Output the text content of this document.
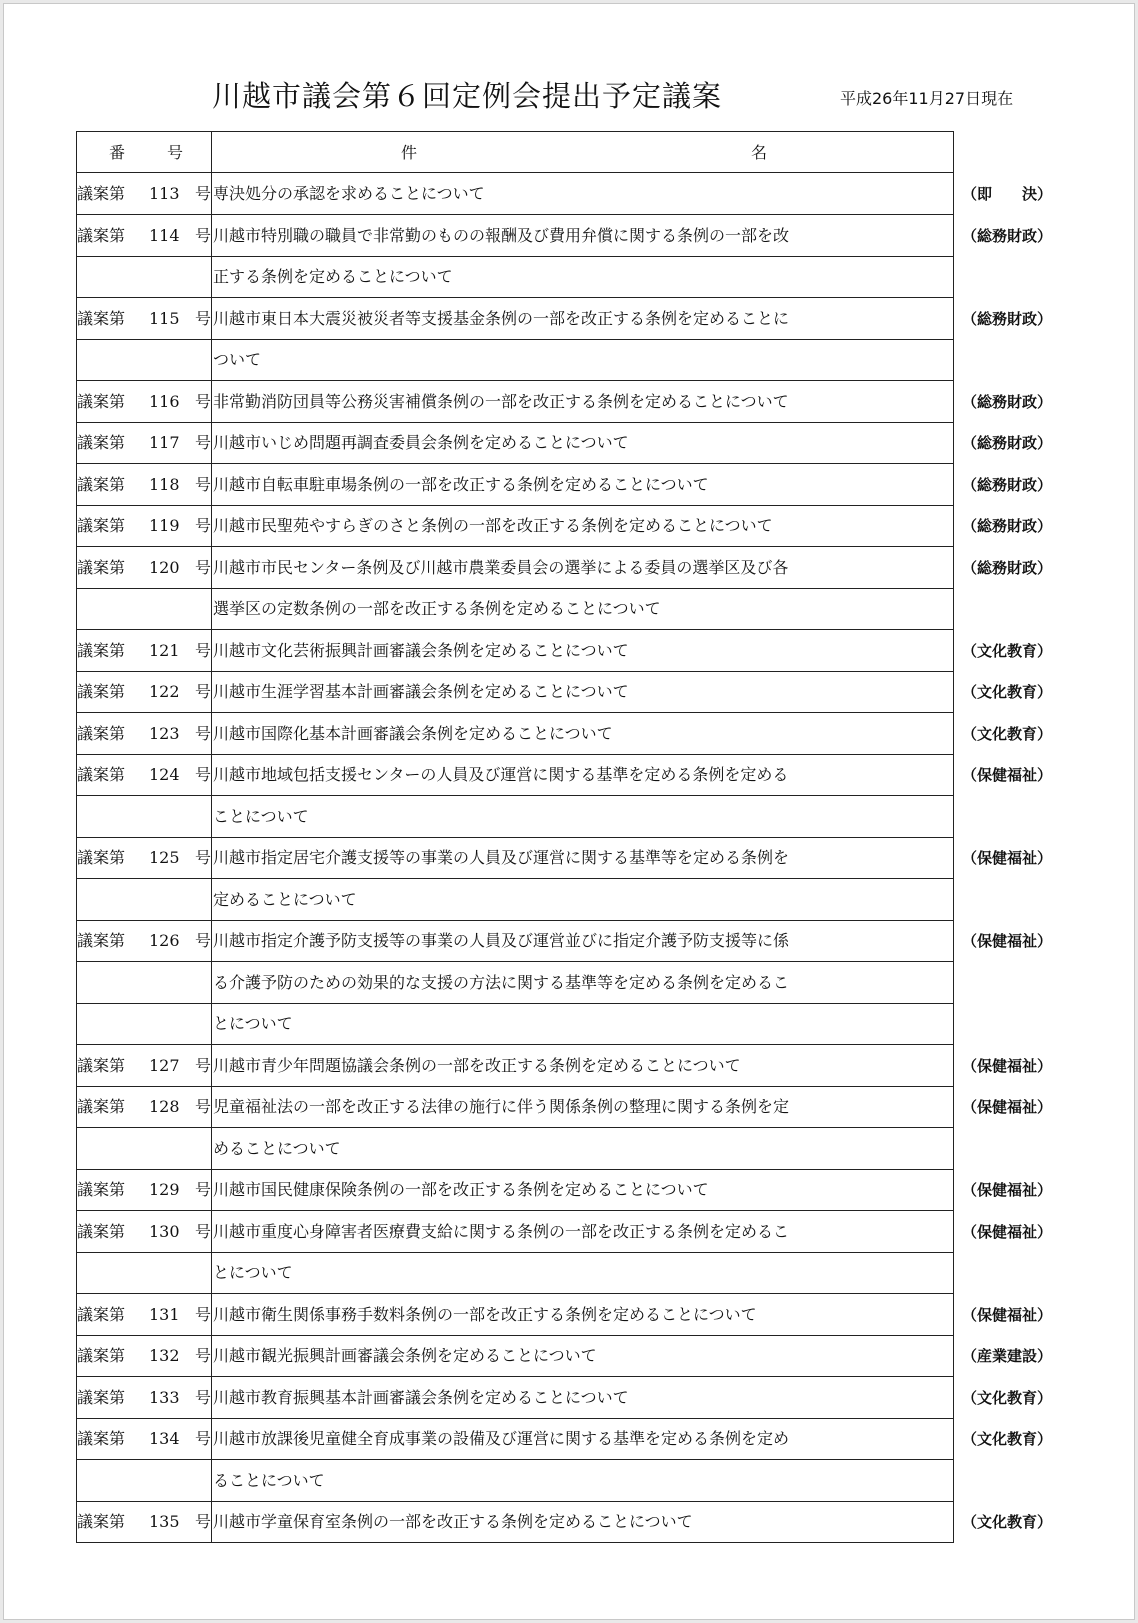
川越市議会第６回定例会提出予定議案	平成26年11月27日現在
番	号	件	名
議案第 113 号 専決処分の承認を求めることについて	（即　　決）
議案第 114 号 川越市特別職の職員で非常勤のものの報酬及び費用弁償に関する条例の一部を改	（総務財政）
正する条例を定めることについて
議案第 115 号 川越市東日本大震災被災者等支援基金条例の一部を改正する条例を定めることに	（総務財政）
ついて
議案第 116 号 非常勤消防団員等公務災害補償条例の一部を改正する条例を定めることについて	（総務財政）
議案第 117 号 川越市いじめ問題再調査委員会条例を定めることについて	（総務財政）
議案第 118 号 川越市自転車駐車場条例の一部を改正する条例を定めることについて	（総務財政）
議案第 119 号 川越市民聖苑やすらぎのさと条例の一部を改正する条例を定めることについて	（総務財政）
議案第 120 号 川越市市民センター条例及び川越市農業委員会の選挙による委員の選挙区及び各	（総務財政）
選挙区の定数条例の一部を改正する条例を定めることについて
議案第 121 号 川越市文化芸術振興計画審議会条例を定めることについて	（文化教育）
議案第 122 号 川越市生涯学習基本計画審議会条例を定めることについて	（文化教育）
議案第 123 号 川越市国際化基本計画審議会条例を定めることについて	（文化教育）
議案第 124 号 川越市地域包括支援センターの人員及び運営に関する基準を定める条例を定める	（保健福祉）
ことについて
議案第 125 号 川越市指定居宅介護支援等の事業の人員及び運営に関する基準等を定める条例を	（保健福祉）
定めることについて
議案第 126 号 川越市指定介護予防支援等の事業の人員及び運営並びに指定介護予防支援等に係	（保健福祉）
る介護予防のための効果的な支援の方法に関する基準等を定める条例を定めるこ
とについて
議案第 127 号 川越市青少年問題協議会条例の一部を改正する条例を定めることについて	（保健福祉）
議案第 128 号 児童福祉法の一部を改正する法律の施行に伴う関係条例の整理に関する条例を定	（保健福祉）
めることについて
議案第 129 号 川越市国民健康保険条例の一部を改正する条例を定めることについて	（保健福祉）
議案第 130 号 川越市重度心身障害者医療費支給に関する条例の一部を改正する条例を定めるこ	（保健福祉）
とについて
議案第 131 号 川越市衛生関係事務手数料条例の一部を改正する条例を定めることについて	（保健福祉）
議案第 132 号 川越市観光振興計画審議会条例を定めることについて	（産業建設）
議案第 133 号 川越市教育振興基本計画審議会条例を定めることについて	（文化教育）
議案第 134 号 川越市放課後児童健全育成事業の設備及び運営に関する基準を定める条例を定め	（文化教育）
ることについて
議案第 135 号 川越市学童保育室条例の一部を改正する条例を定めることについて	（文化教育）
